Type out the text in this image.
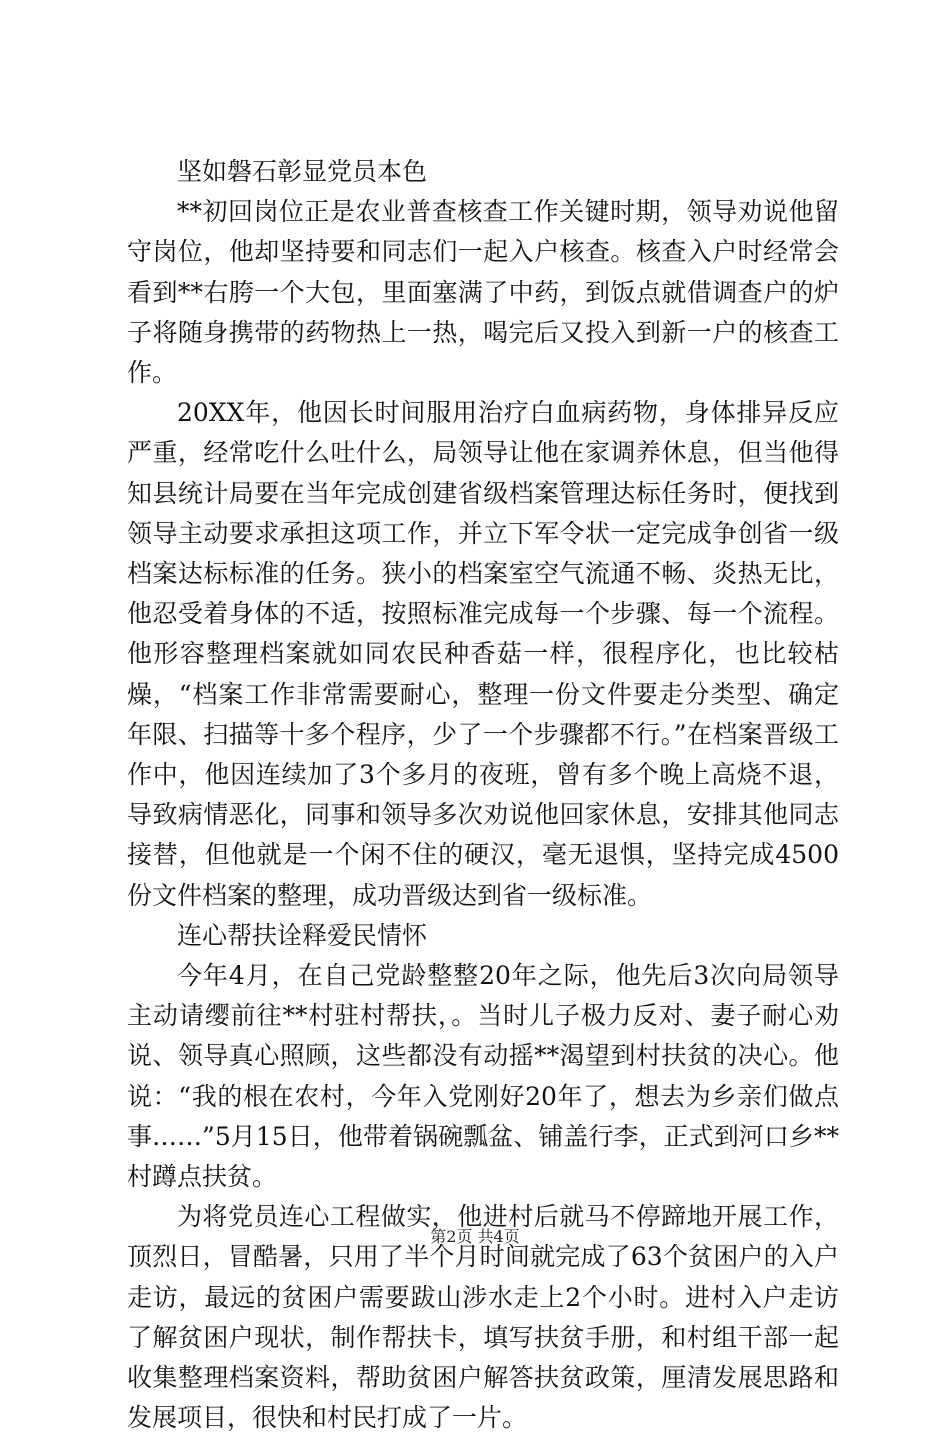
坚如磐石彰显党员本色

**初回岗位正是农业普查核查工作关键时期，领导劝说他留守岗位，他却坚持要和同志们一起入户核查。核查入户时经常会看到**右胯一个大包，里面塞满了中药，到饭点就借调查户的炉子将随身携带的药物热上一热，喝完后又投入到新一户的核查工作。

20XX年，他因长时间服用治疗白血病药物，身体排异反应严重，经常吃什么吐什么，局领导让他在家调养休息，但当他得知县统计局要在当年完成创建省级档案管理达标任务时，便找到领导主动要求承担这项工作，并立下军令状一定完成争创省一级档案达标标准的任务。狭小的档案室空气流通不畅、炎热无比，他忍受着身体的不适，按照标准完成每一个步骤、每一个流程。他形容整理档案就如同农民种香菇一样，很程序化，也比较枯燥，“档案工作非常需要耐心，整理一份文件要走分类型、确定年限、扫描等十多个程序，少了一个步骤都不行。”在档案晋级工作中，他因连续加了3个多月的夜班，曾有多个晚上高烧不退，导致病情恶化，同事和领导多次劝说他回家休息，安排其他同志接替，但他就是一个闲不住的硬汉，毫无退惧，坚持完成4500份文件档案的整理，成功晋级达到省一级标准。

连心帮扶诠释爱民情怀

今年4月，在自己党龄整整20年之际，他先后3次向局领导主动请缨前往**村驻村帮扶，。当时儿子极力反对、妻子耐心劝说、领导真心照顾，这些都没有动摇**渴望到村扶贫的决心。他说：“我的根在农村，今年入党刚好20年了，想去为乡亲们做点事……”5月15日，他带着锅碗瓢盆、铺盖行李，正式到河口乡**村蹲点扶贫。

为将党员连心工程做实，他进村后就马不停蹄地开展工作，顶烈日，冒酷暑，只用了半个月时间就完成了63个贫困户的入户走访，最远的贫困户需要跋山涉水走上2个小时。进村入户走访了解贫困户现状，制作帮扶卡，填写扶贫手册，和村组干部一起收集整理档案资料，帮助贫困户解答扶贫政策，厘清发展思路和发展项目，很快和村民打成了一片。

第2页 共4页
